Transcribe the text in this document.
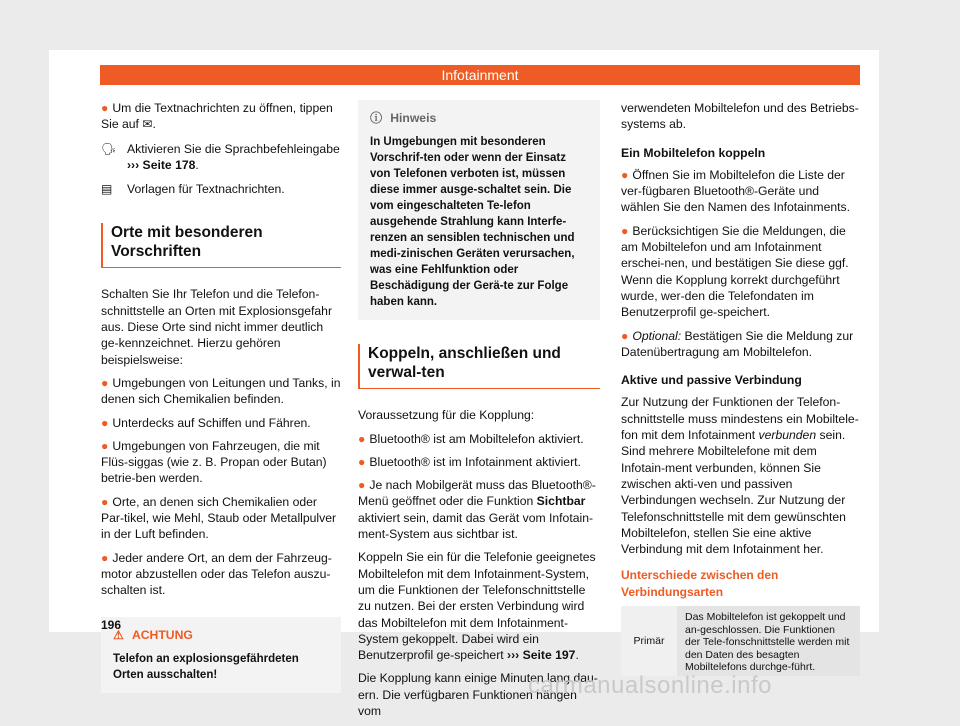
Infotainment

● Um die Textnachrichten zu öffnen, tippen Sie auf ✉.

🗣 Aktivieren Sie die Sprachbefehleingabe
››› Seite 178.
▤	Vorlagen für Textnachrichten.
Orte mit besonderen Vorschriften

Schalten Sie Ihr Telefon und die Telefon-schnittstelle an Orten mit Explosionsgefahr aus. Diese Orte sind nicht immer deutlich ge-kennzeichnet. Hierzu gehören beispielsweise:

● Umgebungen von Leitungen und Tanks, in denen sich Chemikalien befinden.

● Unterdecks auf Schiffen und Fähren.

● Umgebungen von Fahrzeugen, die mit Flüs-siggas (wie z. B. Propan oder Butan) betrie-ben werden.

● Orte, an denen sich Chemikalien oder Par-tikel, wie Mehl, Staub oder Metallpulver in der Luft befinden.

● Jeder andere Ort, an dem der Fahrzeug-motor abzustellen oder das Telefon auszu-schalten ist.

⚠ ACHTUNG
Telefon an explosionsgefährdeten Orten ausschalten!
ⓘ Hinweis
In Umgebungen mit besonderen Vorschrif-ten oder wenn der Einsatz von Telefonen verboten ist, müssen diese immer ausge-schaltet sein. Die vom eingeschalteten Te-lefon ausgehende Strahlung kann Interfe-renzen an sensiblen technischen und medi-zinischen Geräten verursachen, was eine Fehlfunktion oder Beschädigung der Gerä-te zur Folge haben kann.
Koppeln, anschließen und verwal-ten

Voraussetzung für die Kopplung:

● Bluetooth® ist am Mobiltelefon aktiviert.

● Bluetooth® ist im Infotainment aktiviert.

● Je nach Mobilgerät muss das Bluetooth®-Menü geöffnet oder die Funktion Sichtbar aktiviert sein, damit das Gerät vom Infotain-ment-System aus sichtbar ist.

Koppeln Sie ein für die Telefonie geeignetes Mobiltelefon mit dem Infotainment-System, um die Funktionen der Telefonschnittstelle zu nutzen. Bei der ersten Verbindung wird das Mobiltelefon mit dem Infotainment-System gekoppelt. Dabei wird ein Benutzerprofil ge-speichert ››› Seite 197.

Die Kopplung kann einige Minuten lang dau-ern. Die verfügbaren Funktionen hängen vom

verwendeten Mobiltelefon und des Betriebs-systems ab.

Ein Mobiltelefon koppeln

● Öffnen Sie im Mobiltelefon die Liste der ver-fügbaren Bluetooth®-Geräte und wählen Sie den Namen des Infotainments.

● Berücksichtigen Sie die Meldungen, die am Mobiltelefon und am Infotainment erschei-nen, und bestätigen Sie diese ggf. Wenn die Kopplung korrekt durchgeführt wurde, wer-den die Telefondaten im Benutzerprofil ge-speichert.

● Optional: Bestätigen Sie die Meldung zur Datenübertragung am Mobiltelefon.

Aktive und passive Verbindung

Zur Nutzung der Funktionen der Telefon-schnittstelle muss mindestens ein Mobiltele-fon mit dem Infotainment verbunden sein. Sind mehrere Mobiltelefone mit dem Infotain-ment verbunden, können Sie zwischen akti-ven und passiven Verbindungen wechseln. Zur Nutzung der Telefonschnittstelle mit dem gewünschten Mobiltelefon, stellen Sie eine aktive Verbindung mit dem Infotainment her.

Unterschiede zwischen den Verbindungsarten
Primär
Das Mobiltelefon ist gekoppelt und an-geschlossen. Die Funktionen der Tele-fonschnittstelle werden mit den Daten des besagten Mobiltelefons durchge-führt.
196
carmanualsonline.info
